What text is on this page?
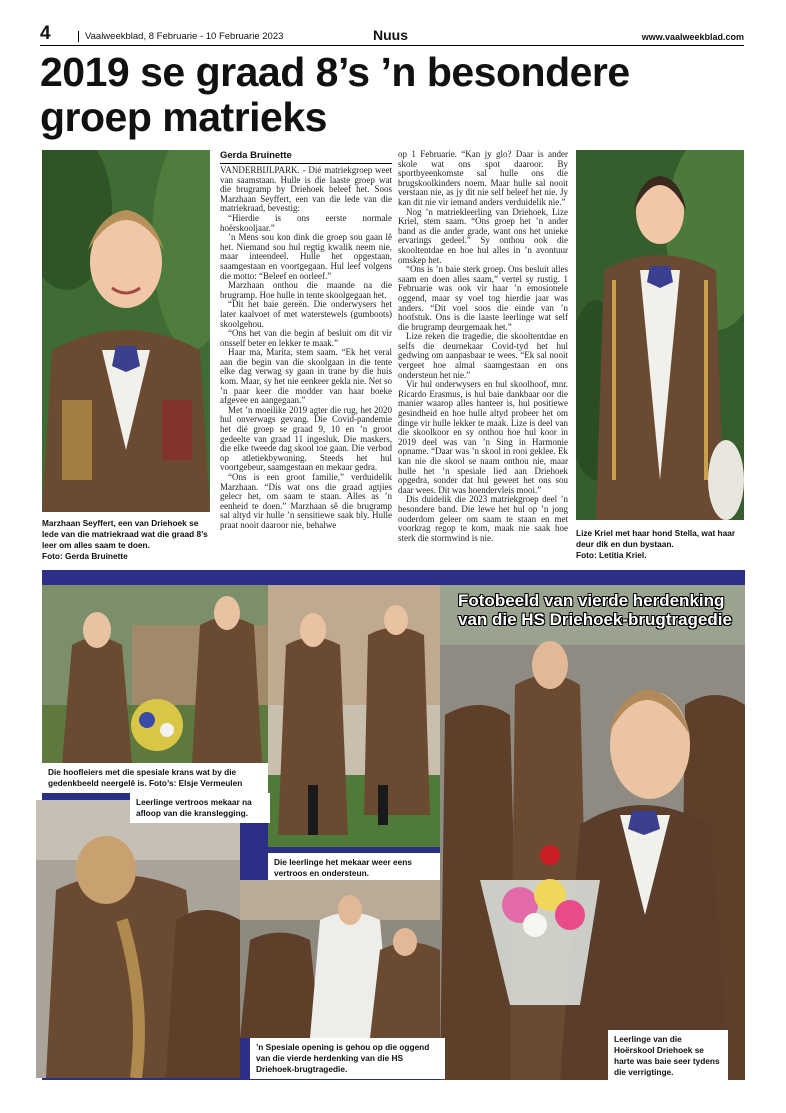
4	Vaalweekblad, 8 Februarie - 10 Februarie 2023	Nuus	www.vaalweekblad.com
2019 se graad 8’s ’n besondere groep matrieks
Marzhaan Seyffert, een van Driehoek se lede van die matriekraad wat die graad 8’s leer om alles saam te doen.
Foto: Gerda Bruinette
Gerda Bruinette

VANDERBIJLPARK. - Dié matriekgroep weet van saamstaan. Hulle is die laaste groep wat die brugramp by Driehoek beleef het. Soos Marzhaan Seyffert, een van die lede van die matriekraad, bevestig:

“Hierdie is ons eerste normale hoërskooljaar.”

’n Mens sou kon dink die groep sou gaan lê het. Niemand sou hul regtig kwalik neem nie, maar inteendeel. Hulle het opgestaan, saamgestaan en voortgegaan. Hul leef volgens die motto: “Beleef en oorleef.”

Marzhaan onthou die maande na die brugramp. Hoe hulle in tente skoolgegaan het.

“Dit het baie gereën. Die onderwysers het later kaalvoet of met waterstewels (gumboots) skoolgehou.

“Ons het van die begin af besluit om dit vir onsself beter en lekker te maak.”

Haar ma, Marita, stem saam. “Ek het veral aan die begin van die skoolgaan in die tente elke dag verwag sy gaan in trane by die huis kom. Maar, sy het nie eenkeer gekla nie. Net so ’n paar keer die modder van haar boeke afgevee en aangegaan.”

Met ’n moeilike 2019 agter die rug, het 2020 hul onverwags gevang. Die Covid-pandemie het dié groep se graad 9, 10 en ’n groot gedeelte van graad 11 ingesluk. Die maskers, die elke tweede dag skool toe gaan. Die verbod op atletiekbywoning. Steeds het hul voortgebeur, saamgestaan en mekaar gedra.

“Ons is een groot familie,” verduidelik Marzhaan. “Dis wat ons die graad agtjies gelecr het, om saam te staan. Alles as ’n eenheid te doen.” Marzhaan sê die brugramp sal altyd vir hulle ’n sensitiewe saak bly. Hulle praat nooit daaroor nie, behalwe

op 1 Februarie. “Kan jy glo? Daar is ander skole wat ons spot daaroor. By sportbyeenkomste sal hulle ons die brugskoolkinders noem. Maar hulle sal nooit verstaan nie, as jy dit nie self beleef het nie. Jy kan dit nie vir iemand anders verduidelik nie.”

Nog ’n matriekleerling van Driehoek, Lize Kriel, stem saam. “Ons groep het ’n ander band as die ander grade, want ons het unieke ervarings gedeel.” Sy onthou ook die skooltentdae en hoe hul alles in ’n avontuur omskep het.

“Ons is ’n baie sterk groep. Ons besluit alles saam en doen alles saam,” vertel sy rustig. 1 Februarie was ook vir haar ’n emosionele oggend, maar sy voel tog hierdie jaar was anders. “Dit voel soos die einde van ’n hoofstuk. Ons is die laaste leerlinge wat self die brugramp deurgemaak het.”

Lize reken die tragedie, die skooltentdae en selfs die deurnekaar Covid-tyd het hul gedwing om aanpasbaar te wees. “Ek sal nooit vergeet hoe almal saamgestaan en ons ondersteun het nie.”

Vir hul onderwysers en hul skoolhoof, mnr. Ricardo Erasmus, is hul baie dankbaar oor die manier waarop alles hanteer is, hul positiewe gesindheid en hoe hulle altyd probeer het om dinge vir hulle lekker te maak. Lize is deel van die skoolkoor en sy onthou hoe hul koor in 2019 deel was van ’n Sing in Harmonie opname. “Daar was ’n skool in rooi geklee. Ek kan nie die skool se naam onthou nie, maar hulle het ’n spesiale lied aan Driehoek opgedra, sonder dat hul geweet het ons sou daar wees. Dit was hoendervleis mooi.”

Dis duidelik die 2023 matriekgroep deel ’n besondere band. Die lewe het hul op ’n jong ouderdom geleer om saam te staan en met voorkrag regop te kom, maak nie saak hoe sterk die stormwind is nie.	Lize Kriel met haar hond Stella, wat haar deur dik en dun bystaan.
Foto: Letitia Kriel.
Die hoofleiers met die spesiale krans wat by die gedenkbeeld neergelê is. Foto’s: Elsje Vermeulen
Die leerlinge het mekaar weer eens vertroos en ondersteun.
Fotobeeld van vierde herdenking van die HS Driehoek-brugtragedie
Leerlinge van die Hoërskool Driehoek se harte was baie seer tydens die verrigtinge.
Leerlinge vertroos mekaar na afloop van die kranslegging.
’n Spesiale opening is gehou op die oggend van die vierde herdenking van die HS Driehoek-brugtragedie.
